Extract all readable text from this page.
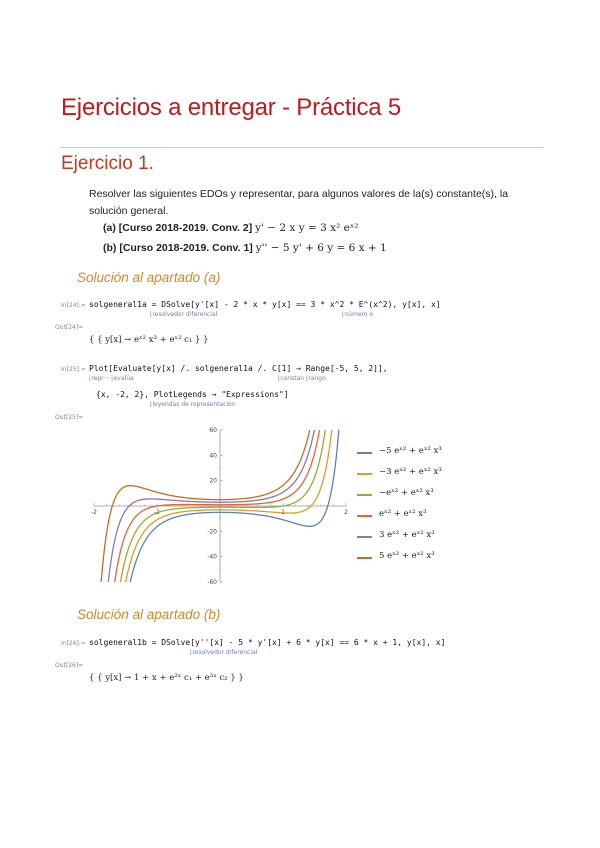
Ejercicios a entregar - Práctica 5
Ejercicio 1.
Resolver las siguientes EDOs y representar, para algunos valores de la(s) constante(s), la solución general.
(a) [Curso 2018-2019. Conv. 2] y' − 2 x y = 3 x² eˣ²
(b) [Curso 2018-2019. Conv. 1] y'' − 5 y' + 6 y = 6 x + 1
Solución al apartado (a)
In[24]:= solgeneral1a = DSolve[y'[x] - 2 * x * y[x] == 3 * x^2 * E^(x^2), y[x], x]
⌊resolvedor diferencial	⌊número e
Out[24]=
{ { y[x] → eˣ² x³ + eˣ² c₁ } }
In[25]:= Plot[Evaluate[y[x] /. solgeneral1a /. C[1] → Range[-5, 5, 2]],
⌊repr··· ⌊evalúa	⌊constan ⌊rango
{x, -2, 2}, PlotLegends → "Expressions"]
⌊leyendas de representación
Out[25]=
-2	-1	1	2
-60
-40
-20
20
40
60
−5 eˣ² + eˣ² x³
−3 eˣ² + eˣ² x³
−eˣ² + eˣ² x³
eˣ² + eˣ² x³
3 eˣ² + eˣ² x³
5 eˣ² + eˣ² x³
Solución al apartado (b)
In[26]:= solgeneral1b = DSolve[y''[x] - 5 * y'[x] + 6 * y[x] == 6 * x + 1, y[x], x]
⌊resolvedor diferencial
Out[26]=
{ { y[x] → 1 + x + e²ˣ c₁ + e³ˣ c₂ } }
